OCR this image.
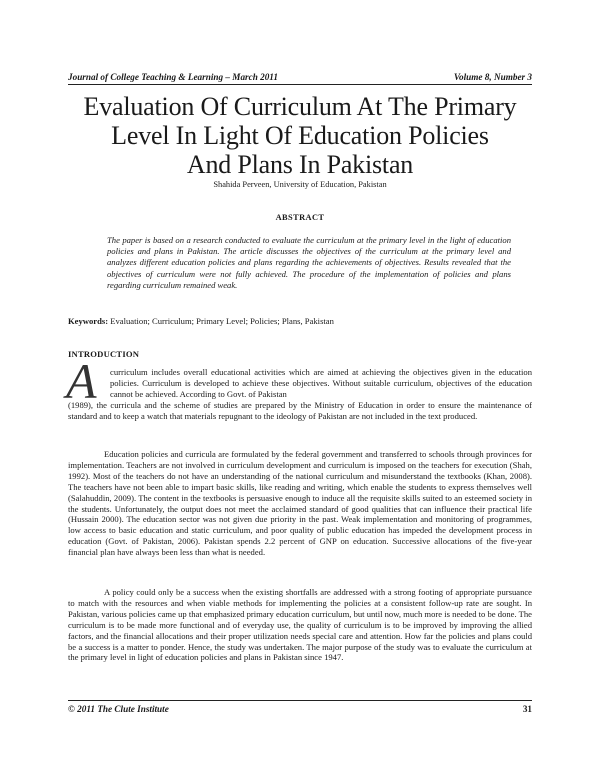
Journal of College Teaching & Learning – March 2011	Volume 8, Number 3
Evaluation Of Curriculum At The Primary
Level In Light Of Education Policies
And Plans In Pakistan
Shahida Perveen, University of Education, Pakistan
ABSTRACT
The paper is based on a research conducted to evaluate the curriculum at the primary level in the light of education policies and plans in Pakistan. The article discusses the objectives of the curriculum at the primary level and analyzes different education policies and plans regarding the achievements of objectives. Results revealed that the objectives of curriculum were not fully achieved. The procedure of the implementation of policies and plans regarding curriculum remained weak.
Keywords: Evaluation; Curriculum; Primary Level; Policies; Plans, Pakistan
INTRODUCTION
A	curriculum includes overall educational activities which are aimed at achieving the objectives given in the education policies. Curriculum is developed to achieve these objectives. Without suitable curriculum, objectives of the education cannot be achieved. According to Govt. of Pakistan
(1989), the curricula and the scheme of studies are prepared by the Ministry of Education in order to ensure the maintenance of standard and to keep a watch that materials repugnant to the ideology of Pakistan are not included in the text produced.
Education policies and curricula are formulated by the federal government and transferred to schools through provinces for implementation. Teachers are not involved in curriculum development and curriculum is imposed on the teachers for execution (Shah, 1992). Most of the teachers do not have an understanding of the national curriculum and misunderstand the textbooks (Khan, 2008). The teachers have not been able to impart basic skills, like reading and writing, which enable the students to express themselves well (Salahuddin, 2009). The content in the textbooks is persuasive enough to induce all the requisite skills suited to an esteemed society in the students. Unfortunately, the output does not meet the acclaimed standard of good qualities that can influence their practical life (Hussain 2000). The education sector was not given due priority in the past. Weak implementation and monitoring of programmes, low access to basic education and static curriculum, and poor quality of public education has impeded the development process in education (Govt. of Pakistan, 2006). Pakistan spends 2.2 percent of GNP on education. Successive allocations of the five-year financial plan have always been less than what is needed.
A policy could only be a success when the existing shortfalls are addressed with a strong footing of appropriate pursuance to match with the resources and when viable methods for implementing the policies at a consistent follow-up rate are sought. In Pakistan, various policies came up that emphasized primary education curriculum, but until now, much more is needed to be done. The curriculum is to be made more functional and of everyday use, the quality of curriculum is to be improved by improving the allied factors, and the financial allocations and their proper utilization needs special care and attention. How far the policies and plans could be a success is a matter to ponder. Hence, the study was undertaken. The major purpose of the study was to evaluate the curriculum at the primary level in light of education policies and plans in Pakistan since 1947.
© 2011 The Clute Institute	31
